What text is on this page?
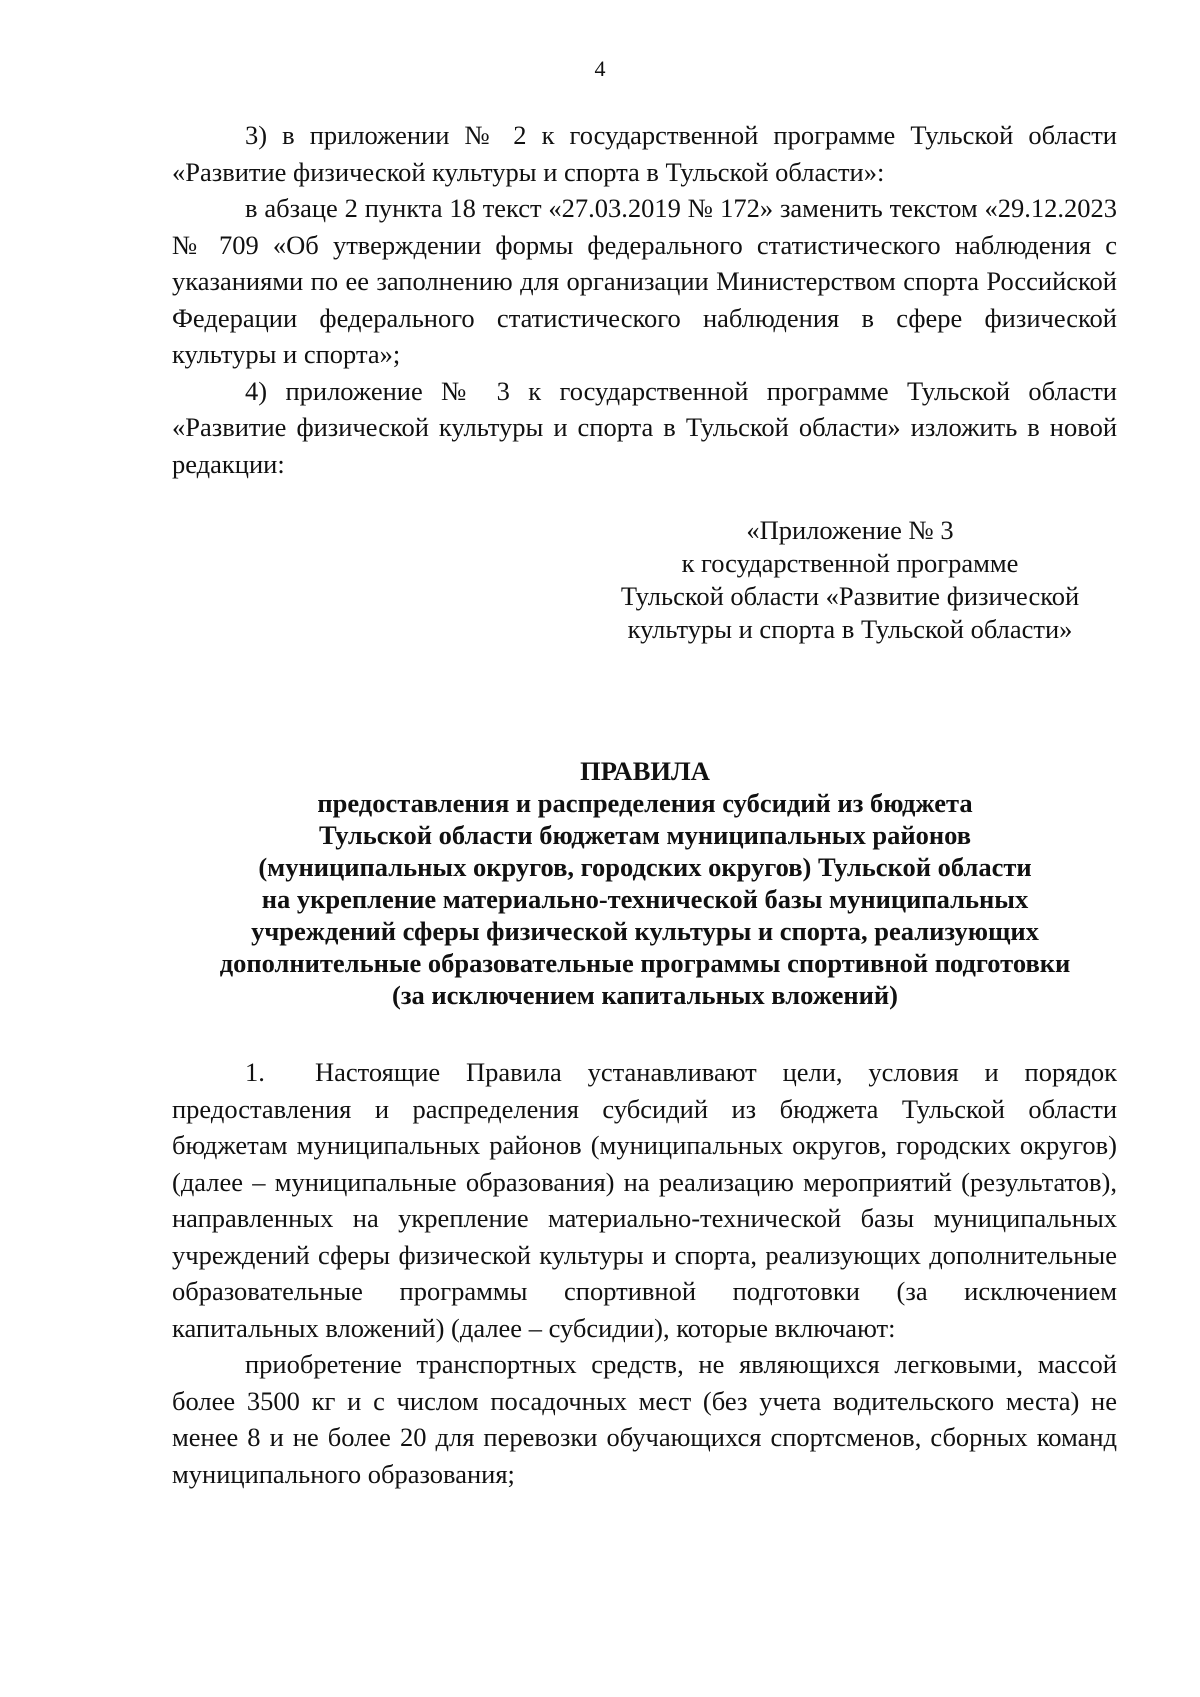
4

3) в приложении № 2 к государственной программе Тульской области «Развитие физической культуры и спорта в Тульской области»:

в абзаце 2 пункта 18 текст «27.03.2019 № 172» заменить текстом «29.12.2023 № 709 «Об утверждении формы федерального статистического наблюдения с указаниями по ее заполнению для организации Министерством спорта Российской Федерации федерального статистического наблюдения в сфере физической культуры и спорта»;

4) приложение № 3 к государственной программе Тульской области «Развитие физической культуры и спорта в Тульской области» изложить в новой редакции:

«Приложение № 3
к государственной программе
Тульской области «Развитие физической
культуры и спорта в Тульской области»
ПРАВИЛА
предоставления и распределения субсидий из бюджета
Тульской области бюджетам муниципальных районов
(муниципальных округов, городских округов) Тульской области
на укрепление материально-технической базы муниципальных
учреждений сферы физической культуры и спорта, реализующих
дополнительные образовательные программы спортивной подготовки
(за исключением капитальных вложений)

1. Настоящие Правила устанавливают цели, условия и порядок предоставления и распределения субсидий из бюджета Тульской области бюджетам муниципальных районов (муниципальных округов, городских округов) (далее – муниципальные образования) на реализацию мероприятий (результатов), направленных на укрепление материально-технической базы муниципальных учреждений сферы физической культуры и спорта, реализующих дополнительные образовательные программы спортивной подготовки (за исключением капитальных вложений) (далее – субсидии), которые включают:

приобретение транспортных средств, не являющихся легковыми, массой более 3500 кг и с числом посадочных мест (без учета водительского места) не менее 8 и не более 20 для перевозки обучающихся спортсменов, сборных команд муниципального образования;
